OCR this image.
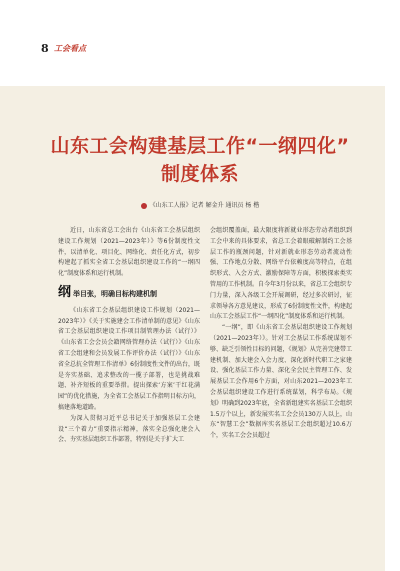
8 工会看点
山东工会构建基层工作“一纲四化”
制度体系
《山东工人报》记者 解金升 通讯员 杨 楷

近日，山东省总工会出台《山东省工会基层组织建设工作规划（2021—2023年）》等6份制度性文件，以清单化、项目化、网络化、责任化方式，初步构建起了抓实全省工会基层组织建设工作的“一纲四化”制度体系和运行机制。

纲举目张，明确目标构建机制

《山东省工会基层组织建设工作规划（2021—2023年）》《关于实施建会工作清单制的意见》《山东省工会基层组织建设工作项目制管理办法（试行）》《山东省工会会员会籍网络管理办法（试行）》《山东省工会组建和会员发展工作评价办法（试行）》《山东省全总抗全管理工作清单》6份制度性文件的出台，既是夯实基础、追求整改的一揽子部署，也是挑战难题、补齐短板的重要举措。提出探索‘方案’干红花满园”的优化措施，为全省工会基层工作指明目标方向，搞建落地道路。

为深入贯彻习近平总书记关于加强基层工会建设“三个着力”重要指示精神，落实全总强化建会入会、夯实基层组织工作部署，特别是关于扩大工

会组织覆盖面，最大限度将新就业形态劳动者组织到工会中来的具体要求，省总工会着眼破解制约工会基层工作的瓶颈问题，针对新就业形态劳动者流动性强、工作地点分散、网络平台依赖度高等特点，在组织形式、入会方式、激励保障等方面，积极探索类实管用的工作机制。自今年3月份以来，省总工会组织专门力量，深入各级工会开展调研，经过多次研讨，征求领导各方意见建议，形成了6份制度性文件，构建起山东工会基层工作“一纲四化”制度体系和运行机制。

“一纲”，即《山东省工会基层组织建设工作规划（2021—2023年）》。针对工会基层工作系统谋划不够、缺乏引领性目标的问题，《规划》从完善完建带工建机制、加大建会入会力度、深化新时代职工之家建设、强化基层工作力量、深化全会民主管理工作、发展基层工会作用6个方面，对山东2021—2023年工会基层组织建设工作进行系统谋划，科学布局。《规划》明确到2023年底，全省新组建实名基层工会组织1.5万个以上，新发展实名工会会员130万人以上，山东“智慧工会”数据库实名基层工会组织超过10.6万个，实名工会会员超过
